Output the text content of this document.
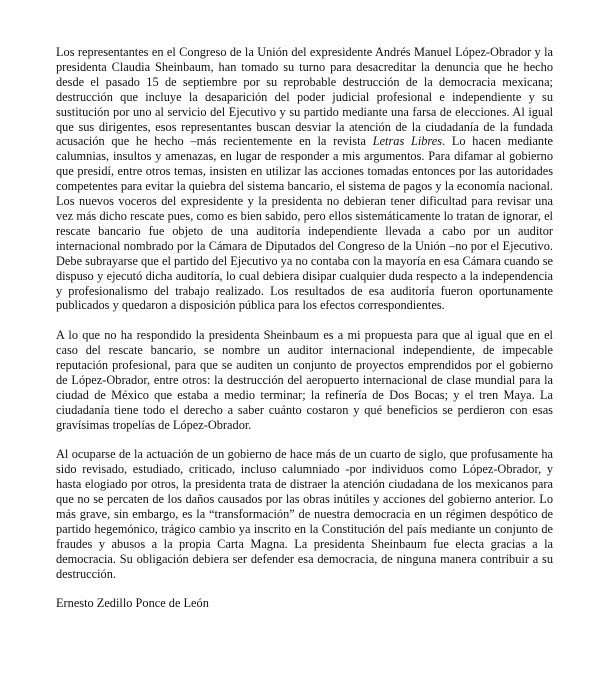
Los representantes en el Congreso de la Unión del expresidente Andrés Manuel López-Obrador y la presidenta Claudia Sheinbaum, han tomado su turno para desacreditar la denuncia que he hecho desde el pasado 15 de septiembre por su reprobable destrucción de la democracia mexicana; destrucción que incluye la desaparición del poder judicial profesional e independiente y su sustitución por uno al servicio del Ejecutivo y su partido mediante una farsa de elecciones. Al igual que sus dirigentes, esos representantes buscan desviar la atención de la ciudadanía de la fundada acusación que he hecho –más recientemente en la revista Letras Libres. Lo hacen mediante calumnias, insultos y amenazas, en lugar de responder a mis argumentos. Para difamar al gobierno que presidí, entre otros temas, insisten en utilizar las acciones tomadas entonces por las autoridades competentes para evitar la quiebra del sistema bancario, el sistema de pagos y la economía nacional. Los nuevos voceros del expresidente y la presidenta no debieran tener dificultad para revisar una vez más dicho rescate pues, como es bien sabido, pero ellos sistemáticamente lo tratan de ignorar, el rescate bancario fue objeto de una auditoría independiente llevada a cabo por un auditor internacional nombrado por la Cámara de Diputados del Congreso de la Unión –no por el Ejecutivo. Debe subrayarse que el partido del Ejecutivo ya no contaba con la mayoría en esa Cámara cuando se dispuso y ejecutó dicha auditoría, lo cual debiera disipar cualquier duda respecto a la independencia y profesionalismo del trabajo realizado. Los resultados de esa auditoría fueron oportunamente publicados y quedaron a disposición pública para los efectos correspondientes.

A lo que no ha respondido la presidenta Sheinbaum es a mi propuesta para que al igual que en el caso del rescate bancario, se nombre un auditor internacional independiente, de impecable reputación profesional, para que se auditen un conjunto de proyectos emprendidos por el gobierno de López-Obrador, entre otros: la destrucción del aeropuerto internacional de clase mundial para la ciudad de México que estaba a medio terminar; la refinería de Dos Bocas; y el tren Maya. La ciudadanía tiene todo el derecho a saber cuánto costaron y qué beneficios se perdieron con esas gravísimas tropelías de López-Obrador.

Al ocuparse de la actuación de un gobierno de hace más de un cuarto de siglo, que profusamente ha sido revisado, estudiado, criticado, incluso calumniado -por individuos como López-Obrador, y hasta elogiado por otros, la presidenta trata de distraer la atención ciudadana de los mexicanos para que no se percaten de los daños causados por las obras inútiles y acciones del gobierno anterior. Lo más grave, sin embargo, es la “transformación” de nuestra democracia en un régimen despótico de partido hegemónico, trágico cambio ya inscrito en la Constitución del país mediante un conjunto de fraudes y abusos a la propia Carta Magna. La presidenta Sheinbaum fue electa gracias a la democracia. Su obligación debiera ser defender esa democracia, de ninguna manera contribuir a su destrucción.

Ernesto Zedillo Ponce de León
